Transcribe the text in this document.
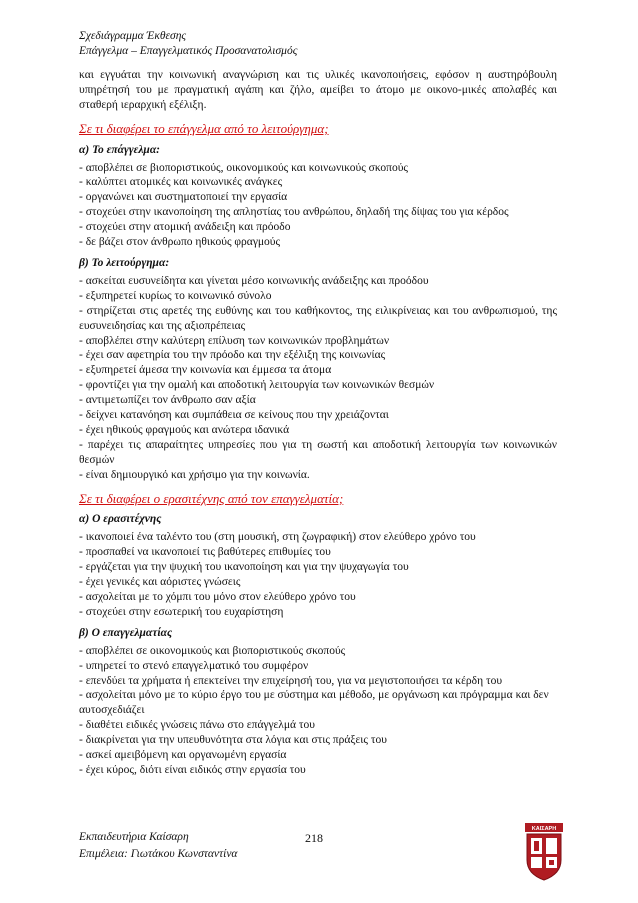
Σχεδιάγραμμα Έκθεσης
Επάγγελμα – Επαγγελματικός Προσανατολισμός

και εγγυάται την κοινωνική αναγνώριση και τις υλικές ικανοποιήσεις, εφόσον η αυστηρόβουλη υπηρέτησή του με πραγματική αγάπη και ζήλο, αμείβει το άτομο με οικονο-μικές απολαβές και σταθερή ιεραρχική εξέλιξη.

Σε τι διαφέρει το επάγγελμα από το λειτούργημα;

α) Το επάγγελμα:

- αποβλέπει σε βιοποριστικούς, οικονομικούς και κοινωνικούς σκοπούς
- καλύπτει ατομικές και κοινωνικές ανάγκες
- οργανώνει και συστηματοποιεί την εργασία
- στοχεύει στην ικανοποίηση της απληστίας του ανθρώπου, δηλαδή της δίψας του για κέρδος
- στοχεύει στην ατομική ανάδειξη και πρόοδο
- δε βάζει στον άνθρωπο ηθικούς φραγμούς

β) Το λειτούργημα:

- ασκείται ευσυνείδητα και γίνεται μέσο κοινωνικής ανάδειξης και προόδου
- εξυπηρετεί κυρίως το κοινωνικό σύνολο
- στηρίζεται στις αρετές της ευθύνης και του καθήκοντος, της ειλικρίνειας και του ανθρωπισμού, της ευσυνειδησίας και της αξιοπρέπειας
- αποβλέπει στην καλύτερη επίλυση των κοινωνικών προβλημάτων
- έχει σαν αφετηρία του την πρόοδο και την εξέλιξη της κοινωνίας
- εξυπηρετεί άμεσα την κοινωνία και έμμεσα τα άτομα
- φροντίζει για την ομαλή και αποδοτική λειτουργία των κοινωνικών θεσμών
- αντιμετωπίζει τον άνθρωπο σαν αξία
- δείχνει κατανόηση και συμπάθεια σε κείνους που την χρειάζονται
- έχει ηθικούς φραγμούς και ανώτερα ιδανικά
- παρέχει τις απαραίτητες υπηρεσίες που για τη σωστή και αποδοτική λειτουργία των κοινωνικών θεσμών
- είναι δημιουργικό και χρήσιμο για την κοινωνία.

Σε τι διαφέρει ο ερασιτέχνης από τον επαγγελματία;

α) Ο ερασιτέχνης

- ικανοποιεί ένα ταλέντο του (στη μουσική, στη ζωγραφική) στον ελεύθερο χρόνο του
- προσπαθεί να ικανοποιεί τις βαθύτερες επιθυμίες του
- εργάζεται για την ψυχική του ικανοποίηση και για την ψυχαγωγία του
- έχει γενικές και αόριστες γνώσεις
- ασχολείται με το χόμπι του μόνο στον ελεύθερο χρόνο του
- στοχεύει στην εσωτερική του ευχαρίστηση

β) Ο επαγγελματίας

- αποβλέπει σε οικονομικούς και βιοποριστικούς σκοπούς
- υπηρετεί το στενό επαγγελματικό του συμφέρον
- επενδύει τα χρήματα ή επεκτείνει την επιχείρησή του, για να μεγιστοποιήσει τα κέρδη του
- ασχολείται μόνο με το κύριο έργο του με σύστημα και μέθοδο, με οργάνωση και πρόγραμμα και δεν αυτοσχεδιάζει
- διαθέτει ειδικές γνώσεις πάνω στο επάγγελμά του
- διακρίνεται για την υπευθυνότητα στα λόγια και στις πράξεις του
- ασκεί αμειβόμενη και οργανωμένη εργασία
- έχει κύρος, διότι είναι ειδικός στην εργασία του
Εκπαιδευτήρια Καίσαρη
Επιμέλεια: Γιωτάκου Κωνσταντίνα
218
ΚΑΙΣΑΡΗ
